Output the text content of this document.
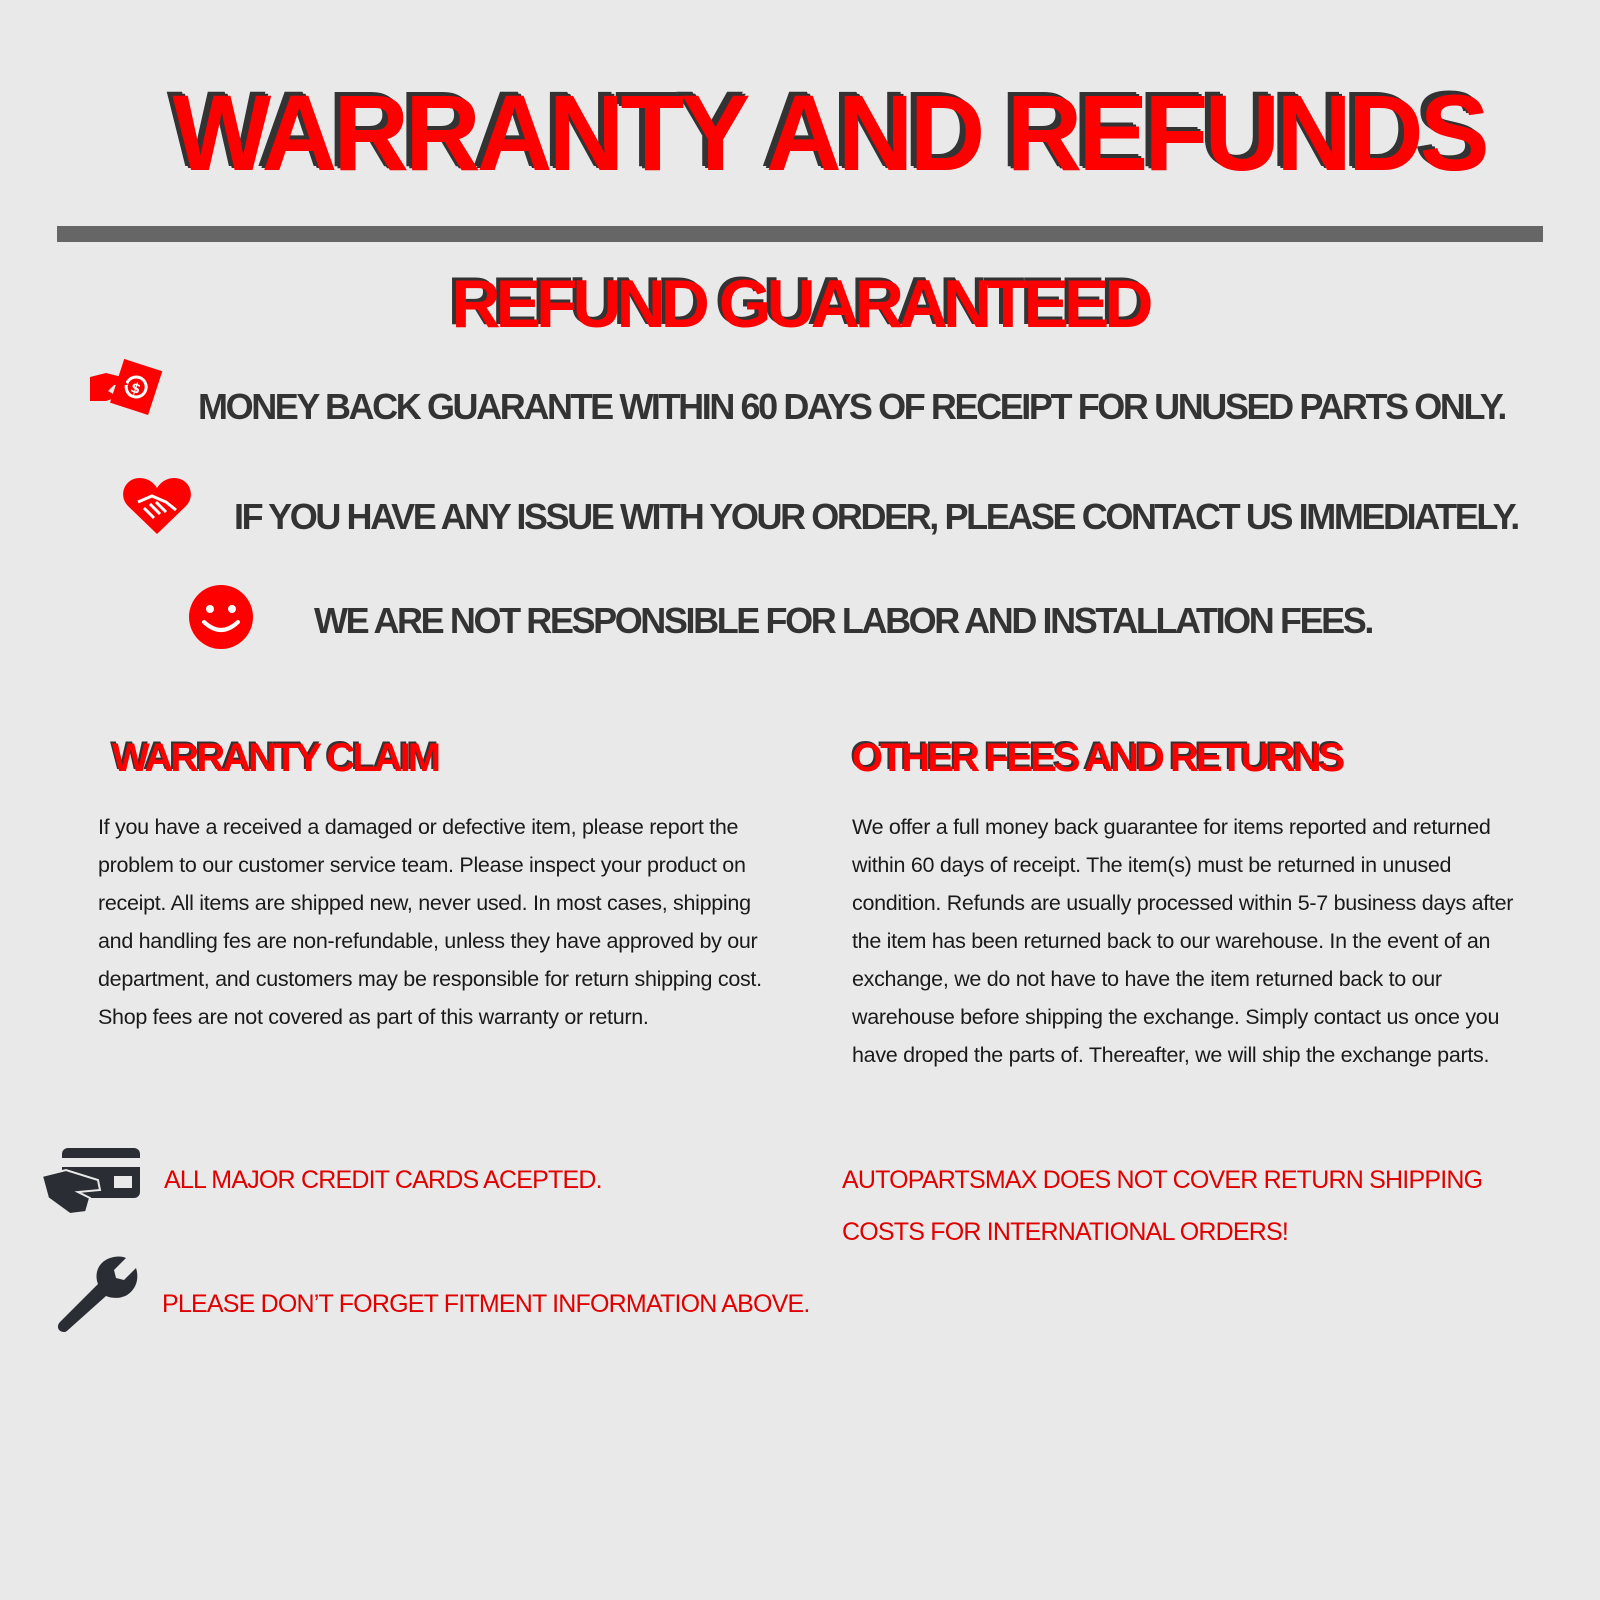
WARRANTY AND REFUNDS
REFUND GUARANTEED
$ MONEY BACK GUARANTE WITHIN 60 DAYS OF RECEIPT FOR UNUSED PARTS ONLY.
IF YOU HAVE ANY ISSUE WITH YOUR ORDER, PLEASE CONTACT US IMMEDIATELY.
WE ARE NOT RESPONSIBLE FOR LABOR AND INSTALLATION FEES.
WARRANTY CLAIM
If you have a received a damaged or defective item, please report the
problem to our customer service team. Please inspect your product on
receipt. All items are shipped new, never used. In most cases, shipping
and handling fes are non-refundable, unless they have approved by our
department, and customers may be responsible for return shipping cost.
Shop fees are not covered as part of this warranty or return.
OTHER FEES AND RETURNS
We offer a full money back guarantee for items reported and returned
within 60 days of receipt. The item(s) must be returned in unused
condition. Refunds are usually processed within 5-7 business days after
the item has been returned back to our warehouse. In the event of an
exchange, we do not have to have the item returned back to our
warehouse before shipping the exchange. Simply contact us once you
have droped the parts of. Thereafter, we will ship the exchange parts.
ALL MAJOR CREDIT CARDS ACEPTED.
PLEASE DON’T FORGET FITMENT INFORMATION ABOVE.
AUTOPARTSMAX DOES NOT COVER RETURN SHIPPING
COSTS FOR INTERNATIONAL ORDERS!
